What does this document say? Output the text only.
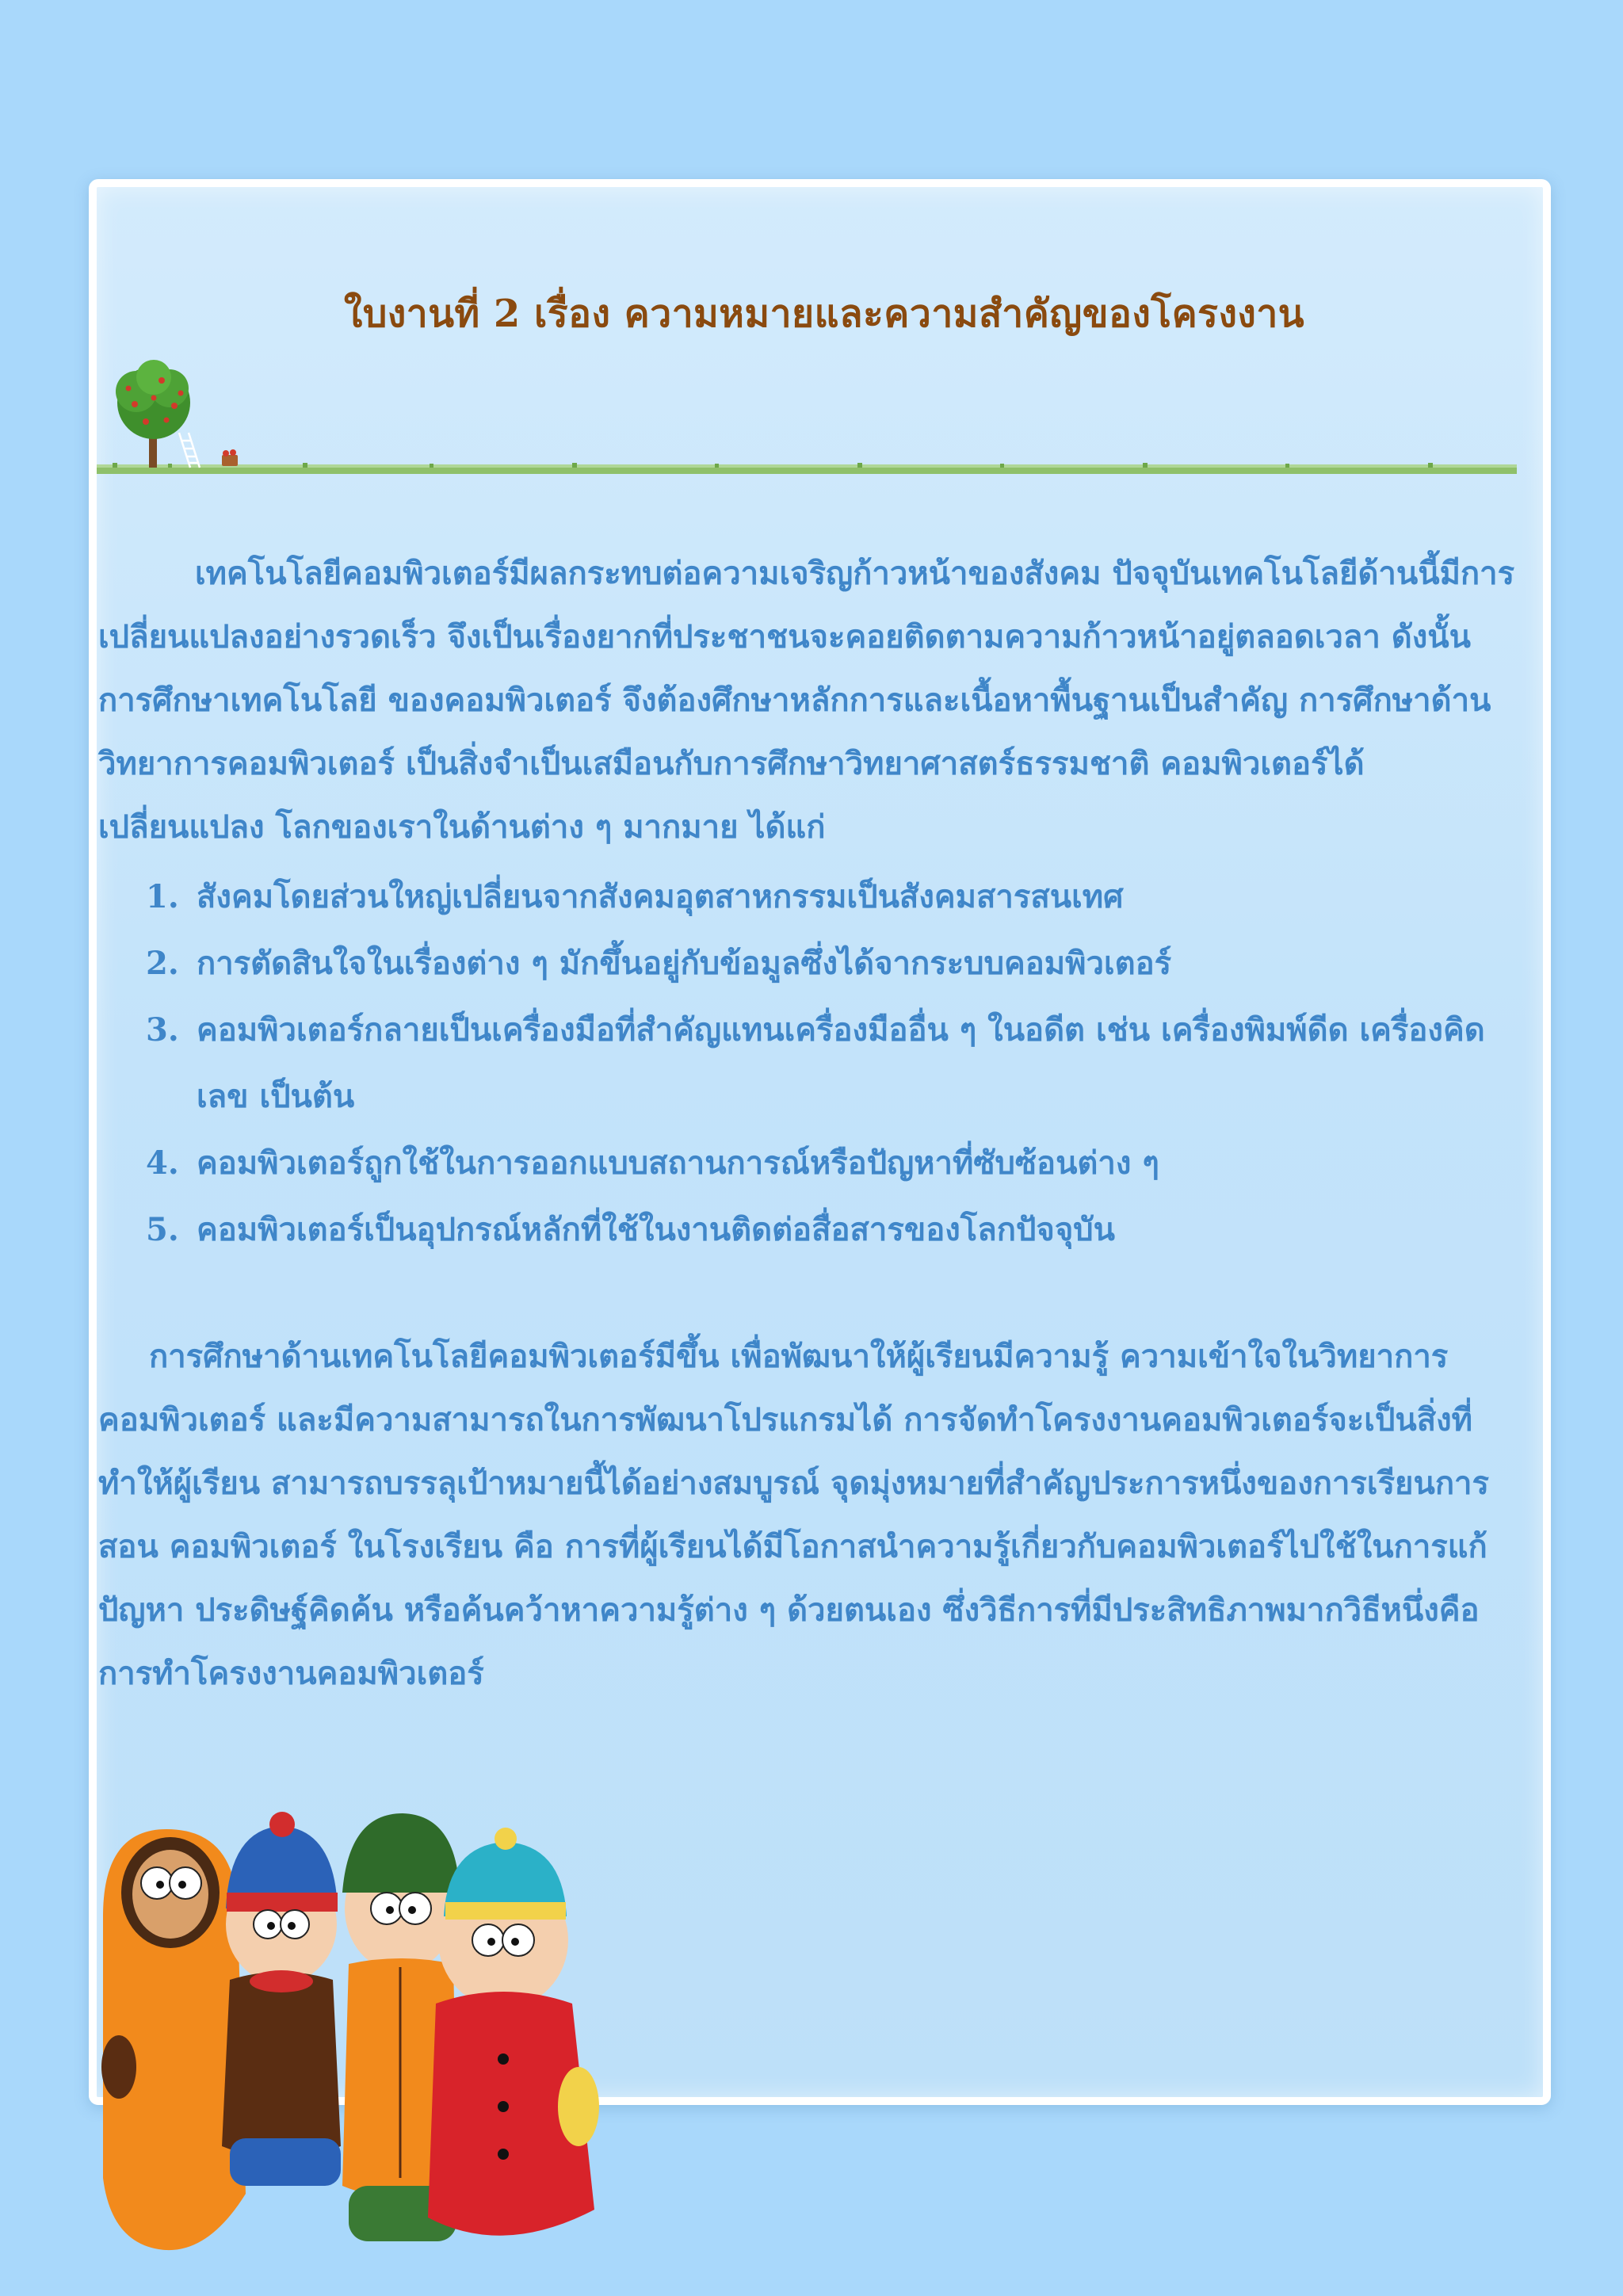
ใบงานที่ 2 เรื่อง ความหมายและความสำคัญของโครงงาน
เทคโนโลยีคอมพิวเตอร์มีผลกระทบต่อความเจริญก้าวหน้าของสังคม ปัจจุบันเทคโนโลยีด้านนี้มีการ เปลี่ยนแปลงอย่างรวดเร็ว จึงเป็นเรื่องยากที่ประชาชนจะคอยติดตามความก้าวหน้าอยู่ตลอดเวลา ดังนั้นการศึกษาเทคโนโลยี ของคอมพิวเตอร์ จึงต้องศึกษาหลักการและเนื้อหาพื้นฐานเป็นสำคัญ การศึกษาด้านวิทยาการคอมพิวเตอร์ เป็นสิ่งจำเป็นเสมือนกับการศึกษาวิทยาศาสตร์ธรรมชาติ คอมพิวเตอร์ได้เปลี่ยนแปลง โลกของเราในด้านต่าง ๆ มากมาย ได้แก่
1. สังคมโดยส่วนใหญ่เปลี่ยนจากสังคมอุตสาหกรรมเป็นสังคมสารสนเทศ
2. การตัดสินใจในเรื่องต่าง ๆ มักขึ้นอยู่กับข้อมูลซึ่งได้จากระบบคอมพิวเตอร์
3. คอมพิวเตอร์กลายเป็นเครื่องมือที่สำคัญแทนเครื่องมืออื่น ๆ ในอดีต เช่น เครื่องพิมพ์ดีด เครื่องคิดเลข เป็นต้น
4. คอมพิวเตอร์ถูกใช้ในการออกแบบสถานการณ์หรือปัญหาที่ซับซ้อนต่าง ๆ
5. คอมพิวเตอร์เป็นอุปกรณ์หลักที่ใช้ในงานติดต่อสื่อสารของโลกปัจจุบัน
การศึกษาด้านเทคโนโลยีคอมพิวเตอร์มีขึ้น เพื่อพัฒนาให้ผู้เรียนมีความรู้ ความเข้าใจในวิทยาการ คอมพิวเตอร์ และมีความสามารถในการพัฒนาโปรแกรมได้ การจัดทำโครงงานคอมพิวเตอร์จะเป็นสิ่งที่ทำให้ผู้เรียน สามารถบรรลุเป้าหมายนี้ได้อย่างสมบูรณ์ จุดมุ่งหมายที่สำคัญประการหนึ่งของการเรียนการสอน คอมพิวเตอร์ ในโรงเรียน คือ การที่ผู้เรียนได้มีโอกาสนำความรู้เกี่ยวกับคอมพิวเตอร์ไปใช้ในการแก้ปัญหา ประดิษฐ์คิดค้น หรือค้นคว้าหาความรู้ต่าง ๆ ด้วยตนเอง ซึ่งวิธีการที่มีประสิทธิภาพมากวิธีหนึ่งคือการทำโครงงานคอมพิวเตอร์
